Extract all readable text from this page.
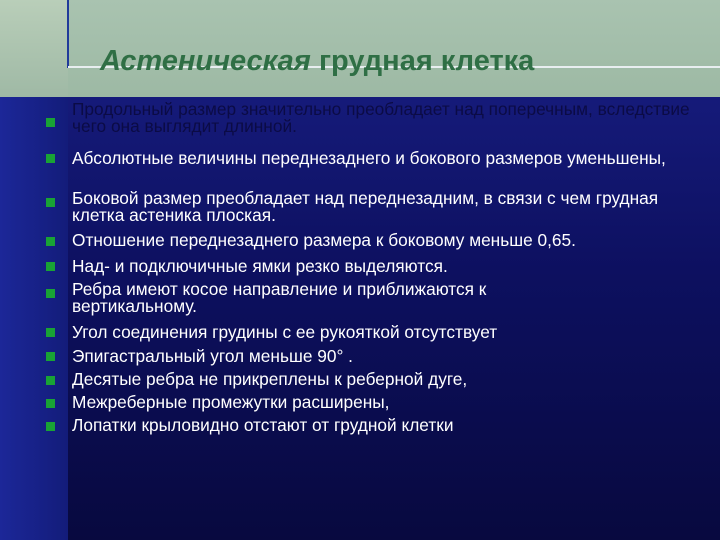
Астеническая грудная клетка
Продольный размер значительно преобладает над поперечным, вследствие чего она выглядит длинной.
Абсолютные величины переднезаднего и бокового размеров уменьшены,
Боковой размер преобладает над переднезадним, в связи с чем грудная клетка астеника плоская.
Отношение переднезаднего размера к боковому меньше 0,65.
Над- и подключичные ямки резко выделяются.
Ребра имеют косое направление и приближаются к вертикальному.
Угол соединения грудины с ее рукояткой отсутствует
Эпигастральный угол меньше 90° .
Десятые ребра не прикреплены к реберной дуге,
Межреберные промежутки расширены,
Лопатки крыловидно отстают от грудной клетки
